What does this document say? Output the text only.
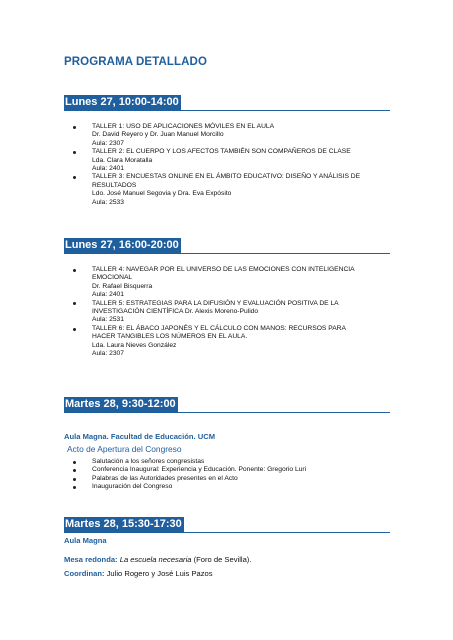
PROGRAMA DETALLADO
Lunes 27, 10:00-14:00
TALLER 1: USO DE APLICACIONES MÓVILES EN EL AULA
Dr. David Reyero y Dr. Juan Manuel Morcillo
Aula: 2307
TALLER 2: EL CUERPO Y LOS AFECTOS TAMBIÉN SON COMPAÑEROS DE CLASE
Lda. Clara Moratalla
Aula: 2401
TALLER 3: ENCUESTAS ONLINE EN EL ÁMBITO EDUCATIVO: DISEÑO Y ANÁLISIS DE
RESULTADOS
Ldo. José Manuel Segovia y Dra. Eva Expósito
Aula: 2533
Lunes 27, 16:00-20:00
TALLER 4: NAVEGAR POR EL UNIVERSO DE LAS EMOCIONES CON INTELIGENCIA
EMOCIONAL
Dr. Rafael Bisquerra
Aula: 2401
TALLER 5: ESTRATEGIAS PARA LA DIFUSIÓN Y EVALUACIÓN POSITIVA DE LA
INVESTIGACIÓN CIENTÍFICA Dr. Alexis Moreno-Pulido
Aula: 2531
TALLER 6: EL ÁBACO JAPONÉS Y EL CÁLCULO CON MANOS: RECURSOS PARA
HACER TANGIBLES LOS NÚMEROS EN EL AULA.
Lda. Laura Nieves González
Aula: 2307
Martes 28, 9:30-12:00
Aula Magna. Facultad de Educación. UCM
Acto de Apertura del Congreso
Salutación a los señores congresistas
Conferencia Inaugural: Experiencia y Educación. Ponente: Gregorio Luri
Palabras de las Autoridades presentes en el Acto
Inauguración del Congreso
Martes 28, 15:30-17:30
Aula Magna
Mesa redonda: La escuela necesaria (Foro de Sevilla).
Coordinan: Julio Rogero y José Luis Pazos
